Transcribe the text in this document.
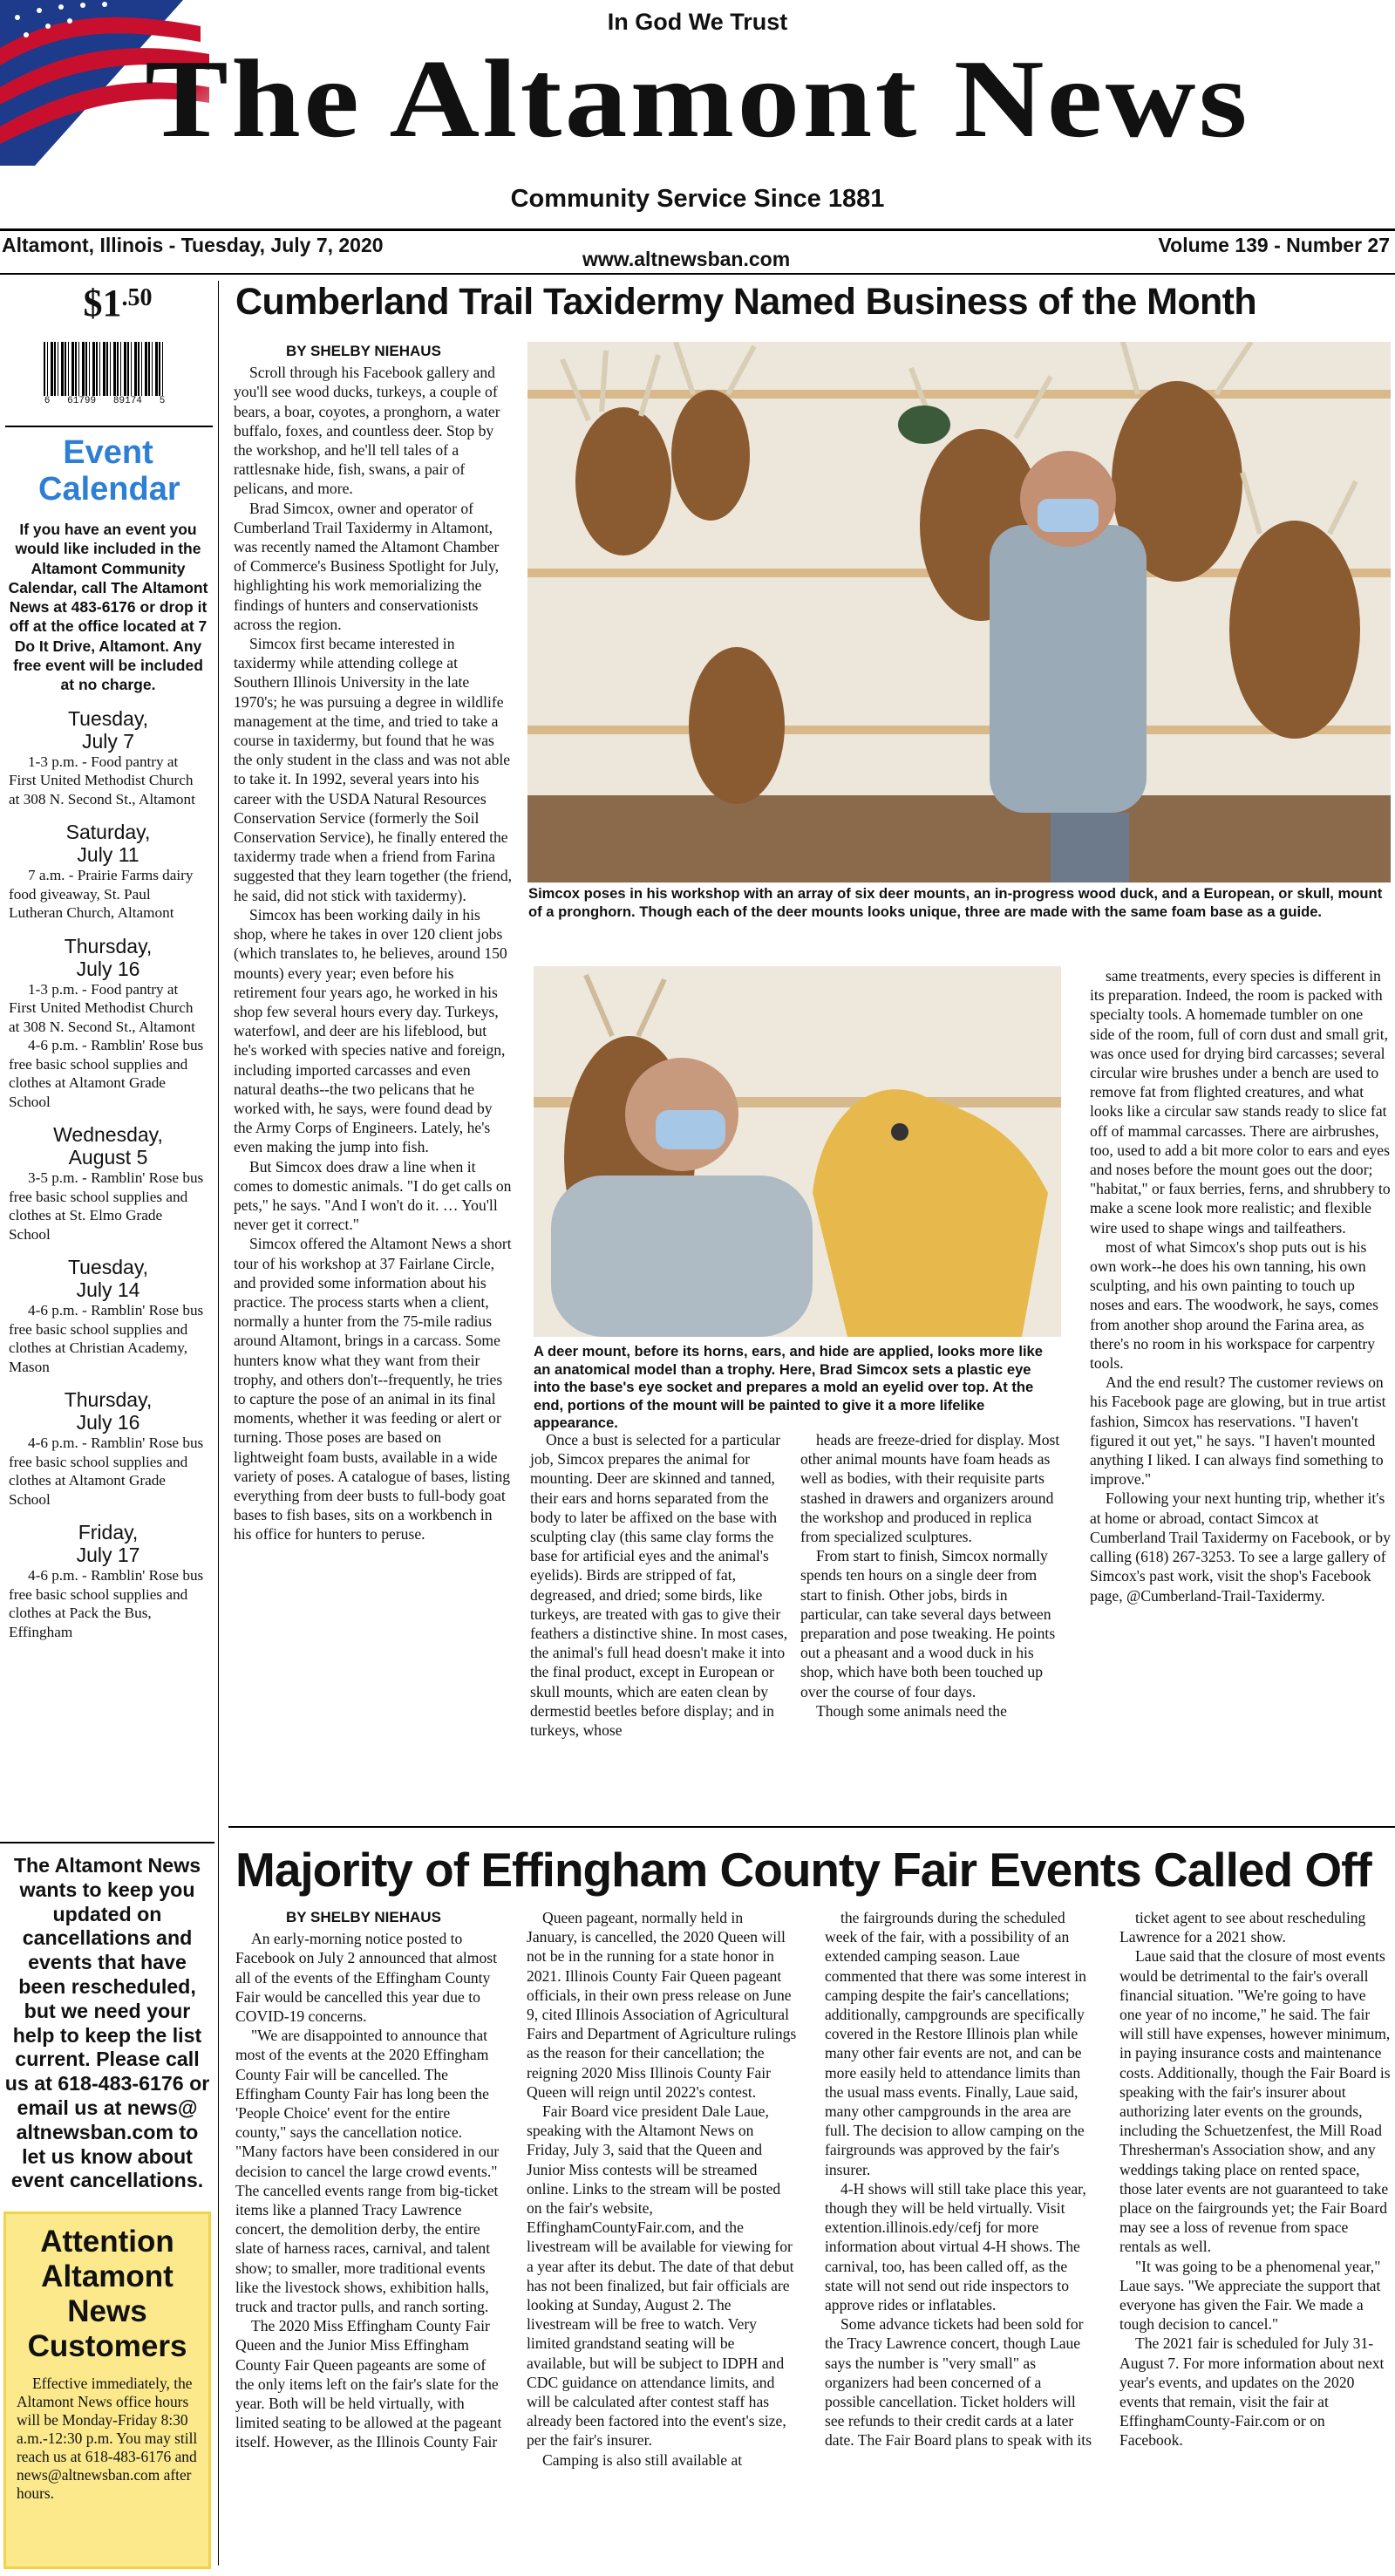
In God We Trust
The Altamont News
Community Service Since 1881
Altamont, Illinois - Tuesday, July 7, 2020
www.altnewsban.com
Volume 139 - Number 27
$1.50
6   61799   89174   5
Event Calendar
If you have an event you would like included in the Altamont Community Calendar, call The Altamont News at 483-6176 or drop it off at the office located at 7 Do It Drive, Altamont. Any free event will be included at no charge.
Tuesday,
July 7
1-3 p.m. - Food pantry at First United Methodist Church at 308 N. Second St., Altamont
Saturday,
July 11
7 a.m. - Prairie Farms dairy food giveaway, St. Paul Lutheran Church, Altamont
Thursday,
July 16
1-3 p.m. - Food pantry at First United Methodist Church at 308 N. Second St., Altamont
4-6 p.m. - Ramblin' Rose bus free basic school supplies and clothes at Altamont Grade School
Wednesday,
August 5
3-5 p.m. - Ramblin' Rose bus free basic school supplies and clothes at St. Elmo Grade School
Tuesday,
July 14
4-6 p.m. - Ramblin' Rose bus free basic school supplies and clothes at Christian Academy, Mason
Thursday,
July 16
4-6 p.m. - Ramblin' Rose bus free basic school supplies and clothes at Altamont Grade School
Friday,
July 17
4-6 p.m. - Ramblin' Rose bus free basic school supplies and clothes at Pack the Bus, Effingham
The Altamont News wants to keep you updated on cancellations and events that have been rescheduled, but we need your help to keep the list current. Please call us at 618-483-6176 or email us at news@ altnewsban.com to let us know about event cancellations.
Attention Altamont News Customers
Effective immediately, the Altamont News office hours will be Monday-Friday 8:30 a.m.-12:30 p.m. You may still reach us at 618-483-6176 and news@altnewsban.com after hours.
Cumberland Trail Taxidermy Named Business of the Month
BY SHELBY NIEHAUS

Scroll through his Facebook gallery and you'll see wood ducks, turkeys, a couple of bears, a boar, coyotes, a pronghorn, a water buffalo, foxes, and countless deer. Stop by the workshop, and he'll tell tales of a rattlesnake hide, fish, swans, a pair of pelicans, and more.

Brad Simcox, owner and operator of Cumberland Trail Taxidermy in Altamont, was recently named the Altamont Chamber of Commerce's Business Spotlight for July, highlighting his work memorializing the findings of hunters and conservationists across the region.

Simcox first became interested in taxidermy while attending college at Southern Illinois University in the late 1970's; he was pursuing a degree in wildlife management at the time, and tried to take a course in taxidermy, but found that he was the only student in the class and was not able to take it. In 1992, several years into his career with the USDA Natural Resources Conservation Service (formerly the Soil Conservation Service), he finally entered the taxidermy trade when a friend from Farina suggested that they learn together (the friend, he said, did not stick with taxidermy).

Simcox has been working daily in his shop, where he takes in over 120 client jobs (which translates to, he believes, around 150 mounts) every year; even before his retirement four years ago, he worked in his shop few several hours every day. Turkeys, waterfowl, and deer are his lifeblood, but he's worked with species native and foreign, including imported carcasses and even natural deaths--the two pelicans that he worked with, he says, were found dead by the Army Corps of Engineers. Lately, he's even making the jump into fish.

But Simcox does draw a line when it comes to domestic animals. "I do get calls on pets," he says. "And I won't do it. … You'll never get it correct."

Simcox offered the Altamont News a short tour of his workshop at 37 Fairlane Circle, and provided some information about his practice. The process starts when a client, normally a hunter from the 75-mile radius around Altamont, brings in a carcass. Some hunters know what they want from their trophy, and others don't--frequently, he tries to capture the pose of an animal in its final moments, whether it was feeding or alert or turning. Those poses are based on lightweight foam busts, available in a wide variety of poses. A catalogue of bases, listing everything from deer busts to full-body goat bases to fish bases, sits on a workbench in his office for hunters to peruse.

Simcox poses in his workshop with an array of six deer mounts, an in-progress wood duck, and a European, or skull, mount of a pronghorn. Though each of the deer mounts looks unique, three are made with the same foam base as a guide.
A deer mount, before its horns, ears, and hide are applied, looks more like an anatomical model than a trophy. Here, Brad Simcox sets a plastic eye into the base's eye socket and prepares a mold an eyelid over top. At the end, portions of the mount will be painted to give it a more lifelike appearance.

Once a bust is selected for a particular job, Simcox prepares the animal for mounting. Deer are skinned and tanned, their ears and horns separated from the body to later be affixed on the base with sculpting clay (this same clay forms the base for artificial eyes and the animal's eyelids). Birds are stripped of fat, degreased, and dried; some birds, like turkeys, are treated with gas to give their feathers a distinctive shine. In most cases, the animal's full head doesn't make it into the final product, except in European or skull mounts, which are eaten clean by dermestid beetles before display; and in turkeys, whose

heads are freeze-dried for display. Most other animal mounts have foam heads as well as bodies, with their requisite parts stashed in drawers and organizers around the workshop and produced in replica from specialized sculptures.

From start to finish, Simcox normally spends ten hours on a single deer from start to finish. Other jobs, birds in particular, can take several days between preparation and pose tweaking. He points out a pheasant and a wood duck in his shop, which have both been touched up over the course of four days.

Though some animals need the

same treatments, every species is different in its preparation. Indeed, the room is packed with specialty tools. A homemade tumbler on one side of the room, full of corn dust and small grit, was once used for drying bird carcasses; several circular wire brushes under a bench are used to remove fat from flighted creatures, and what looks like a circular saw stands ready to slice fat off of mammal carcasses. There are airbrushes, too, used to add a bit more color to ears and eyes and noses before the mount goes out the door; "habitat," or faux berries, ferns, and shrubbery to make a scene look more realistic; and flexible wire used to shape wings and tailfeathers.

most of what Simcox's shop puts out is his own work--he does his own tanning, his own sculpting, and his own painting to touch up noses and ears. The woodwork, he says, comes from another shop around the Farina area, as there's no room in his workspace for carpentry tools.

And the end result? The customer reviews on his Facebook page are glowing, but in true artist fashion, Simcox has reservations. "I haven't figured it out yet," he says. "I haven't mounted anything I liked. I can always find something to improve."

Following your next hunting trip, whether it's at home or abroad, contact Simcox at Cumberland Trail Taxidermy on Facebook, or by calling (618) 267-3253. To see a large gallery of Simcox's past work, visit the shop's Facebook page, @Cumberland-Trail-Taxidermy.

Majority of Effingham County Fair Events Called Off
BY SHELBY NIEHAUS

An early-morning notice posted to Facebook on July 2 announced that almost all of the events of the Effingham County Fair would be cancelled this year due to COVID-19 concerns.

"We are disappointed to announce that most of the events at the 2020 Effingham County Fair will be cancelled. The Effingham County Fair has long been the 'People Choice' event for the entire county," says the cancellation notice. "Many factors have been considered in our decision to cancel the large crowd events." The cancelled events range from big-ticket items like a planned Tracy Lawrence concert, the demolition derby, the entire slate of harness races, carnival, and talent show; to smaller, more traditional events like the livestock shows, exhibition halls, truck and tractor pulls, and ranch sorting.

The 2020 Miss Effingham County Fair Queen and the Junior Miss Effingham County Fair Queen pageants are some of the only items left on the fair's slate for the year. Both will be held virtually, with limited seating to be allowed at the pageant itself. However, as the Illinois County Fair

Queen pageant, normally held in January, is cancelled, the 2020 Queen will not be in the running for a state honor in 2021. Illinois County Fair Queen pageant officials, in their own press release on June 9, cited Illinois Association of Agricultural Fairs and Department of Agriculture rulings as the reason for their cancellation; the reigning 2020 Miss Illinois County Fair Queen will reign until 2022's contest.

Fair Board vice president Dale Laue, speaking with the Altamont News on Friday, July 3, said that the Queen and Junior Miss contests will be streamed online. Links to the stream will be posted on the fair's website, EffinghamCountyFair.com, and the livestream will be available for viewing for a year after its debut. The date of that debut has not been finalized, but fair officials are looking at Sunday, August 2. The livestream will be free to watch. Very limited grandstand seating will be available, but will be subject to IDPH and CDC guidance on attendance limits, and will be calculated after contest staff has already been factored into the event's size, per the fair's insurer.

Camping is also still available at

the fairgrounds during the scheduled week of the fair, with a possibility of an extended camping season. Laue commented that there was some interest in camping despite the fair's cancellations; additionally, campgrounds are specifically covered in the Restore Illinois plan while many other fair events are not, and can be more easily held to attendance limits than the usual mass events. Finally, Laue said, many other campgrounds in the area are full. The decision to allow camping on the fairgrounds was approved by the fair's insurer.

4-H shows will still take place this year, though they will be held virtually. Visit extention.illinois.edy/cefj for more information about virtual 4-H shows. The carnival, too, has been called off, as the state will not send out ride inspectors to approve rides or inflatables.

Some advance tickets had been sold for the Tracy Lawrence concert, though Laue says the number is "very small" as organizers had been concerned of a possible cancellation. Ticket holders will see refunds to their credit cards at a later date. The Fair Board plans to speak with its

ticket agent to see about rescheduling Lawrence for a 2021 show.

Laue said that the closure of most events would be detrimental to the fair's overall financial situation. "We're going to have one year of no income," he said. The fair will still have expenses, however minimum, in paying insurance costs and maintenance costs. Additionally, though the Fair Board is speaking with the fair's insurer about authorizing later events on the grounds, including the Schuetzenfest, the Mill Road Thresherman's Association show, and any weddings taking place on rented space, those later events are not guaranteed to take place on the fairgrounds yet; the Fair Board may see a loss of revenue from space rentals as well.

"It was going to be a phenomenal year," Laue says. "We appreciate the support that everyone has given the Fair. We made a tough decision to cancel."

The 2021 fair is scheduled for July 31-August 7. For more information about next year's events, and updates on the 2020 events that remain, visit the fair at EffinghamCounty-Fair.com or on Facebook.
